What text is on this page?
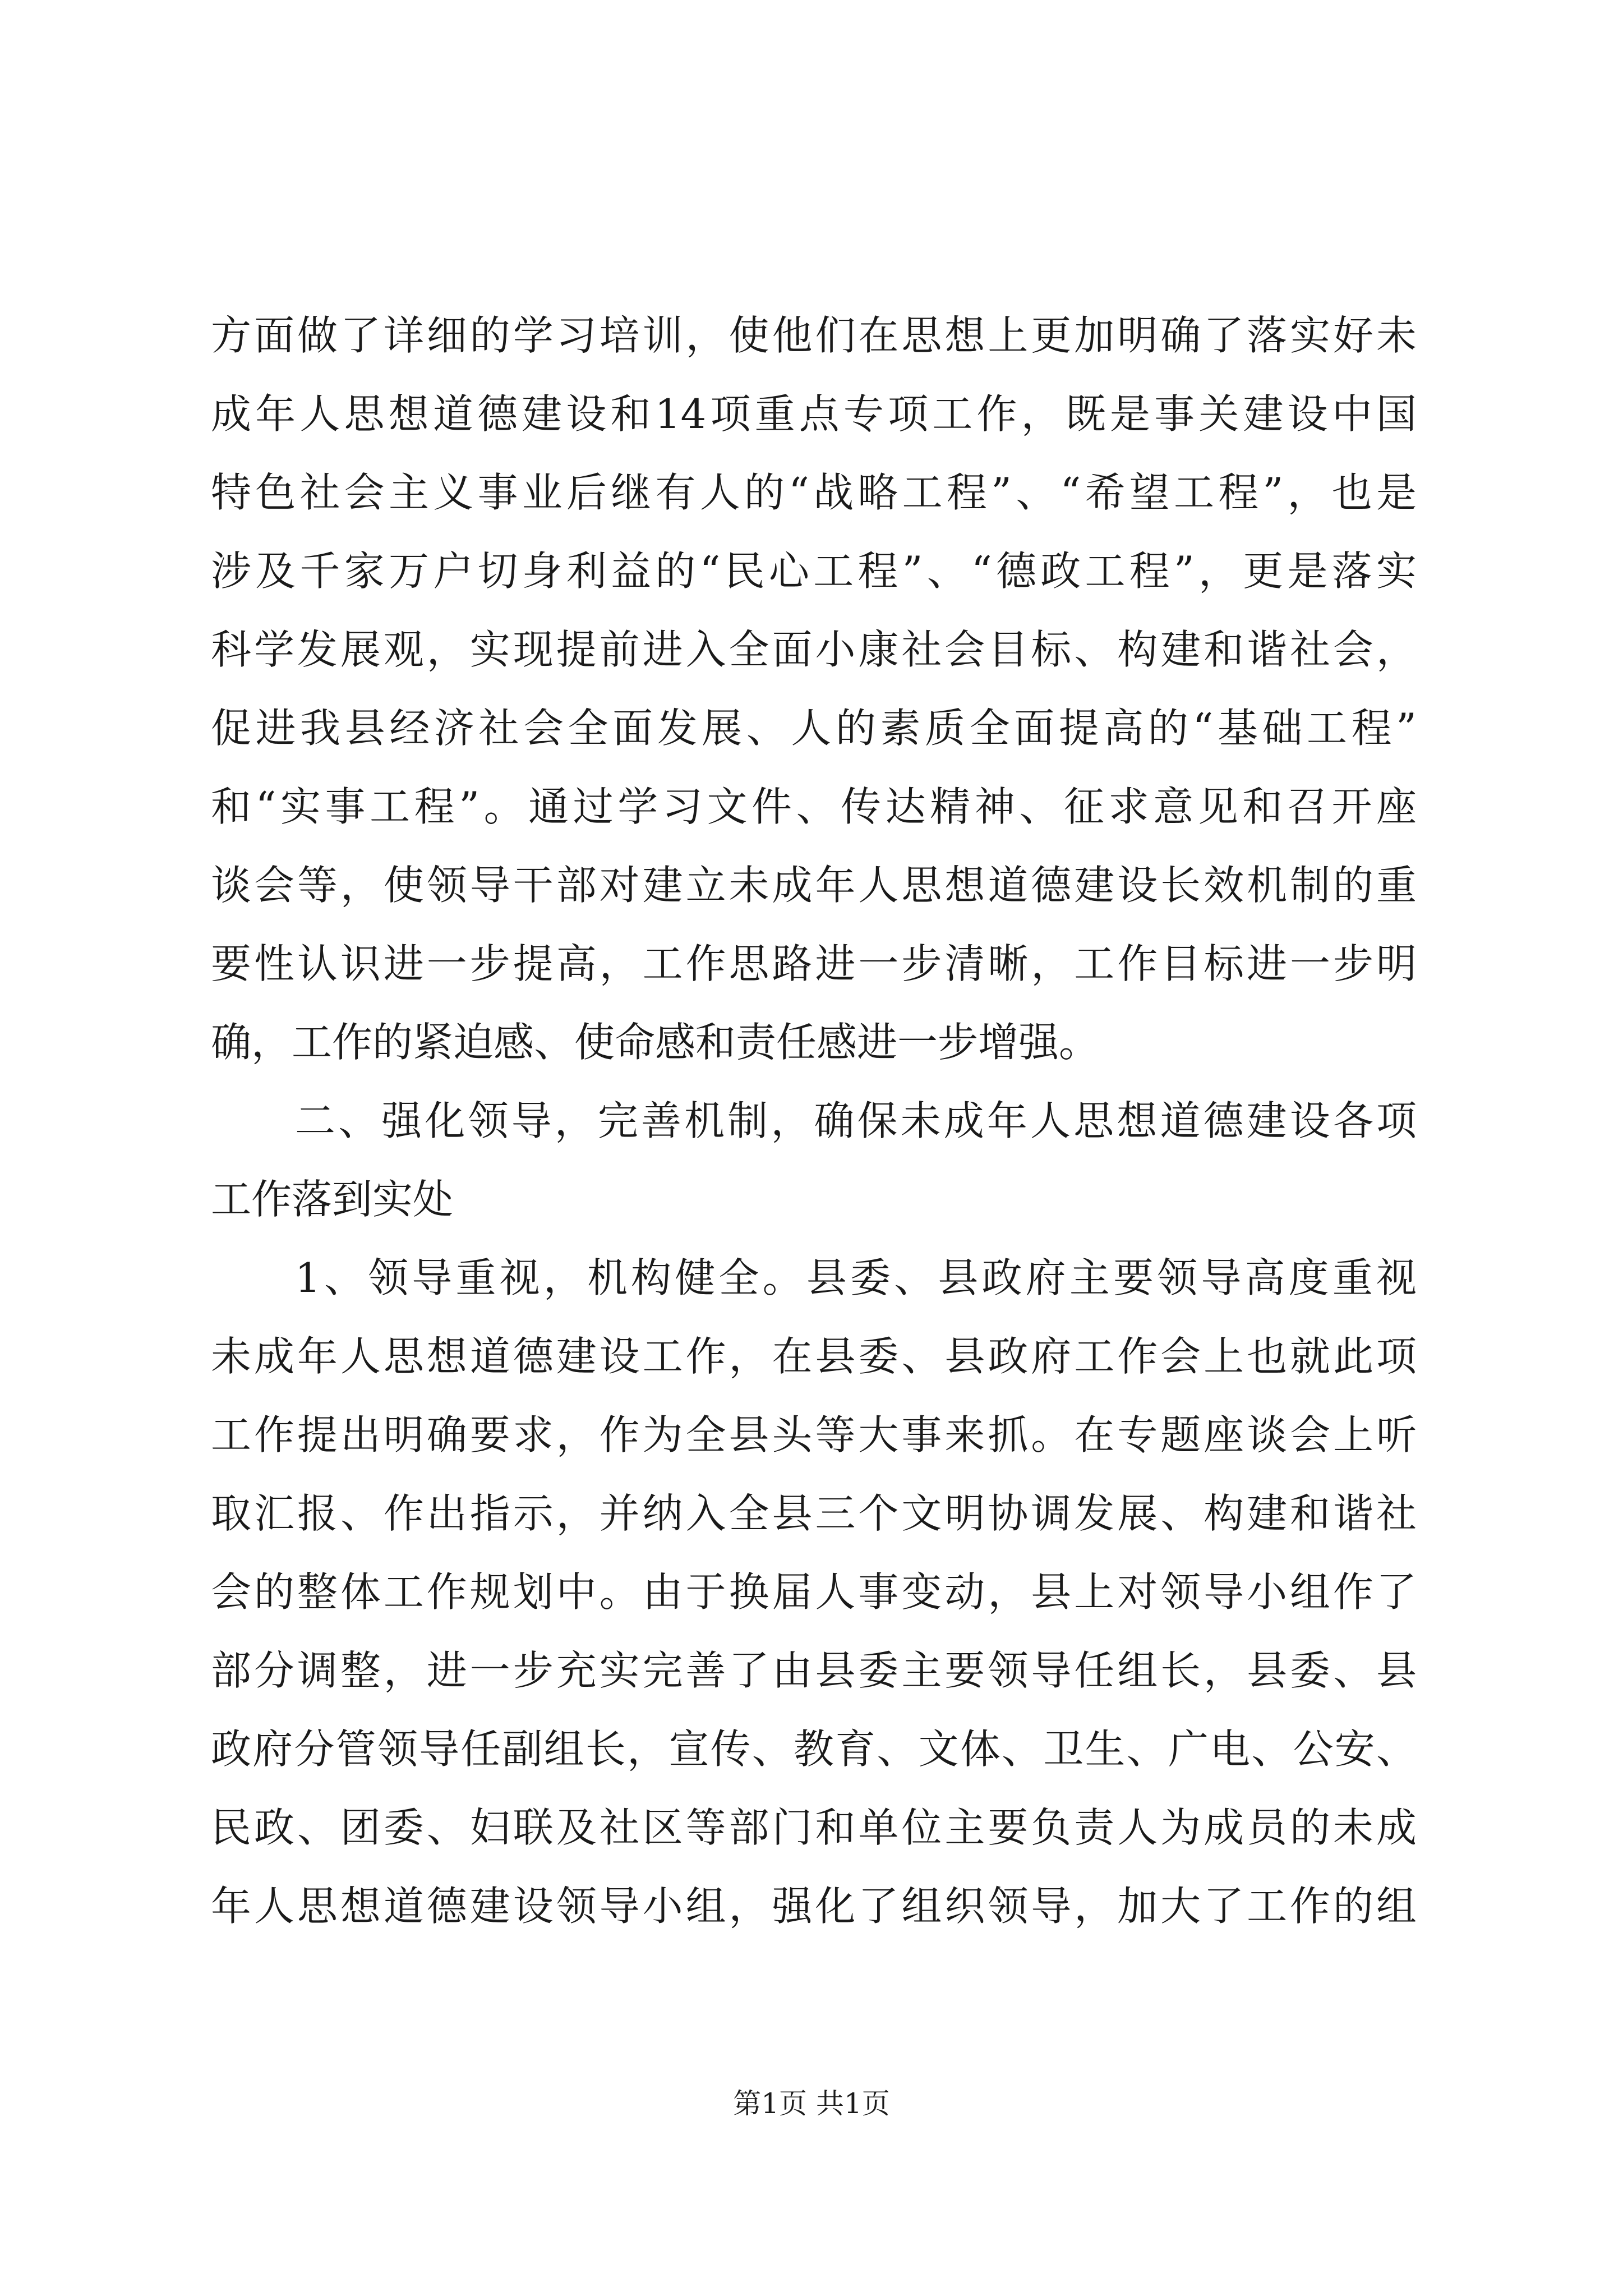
方面做了详细的学习培训，使他们在思想上更加明确了落实好未
成年人思想道德建设和14项重点专项工作，既是事关建设中国
特色社会主义事业后继有人的“战略工程”、“希望工程”，也是
涉及千家万户切身利益的“民心工程”、“德政工程”，更是落实
科学发展观，实现提前进入全面小康社会目标、构建和谐社会，
促进我县经济社会全面发展、人的素质全面提高的“基础工程”
和“实事工程”。通过学习文件、传达精神、征求意见和召开座
谈会等，使领导干部对建立未成年人思想道德建设长效机制的重
要性认识进一步提高，工作思路进一步清晰，工作目标进一步明
确，工作的紧迫感、使命感和责任感进一步增强。
二、强化领导，完善机制，确保未成年人思想道德建设各项
工作落到实处
1、领导重视，机构健全。县委、县政府主要领导高度重视
未成年人思想道德建设工作，在县委、县政府工作会上也就此项
工作提出明确要求，作为全县头等大事来抓。在专题座谈会上听
取汇报、作出指示，并纳入全县三个文明协调发展、构建和谐社
会的整体工作规划中。由于换届人事变动，县上对领导小组作了
部分调整，进一步充实完善了由县委主要领导任组长，县委、县
政府分管领导任副组长，宣传、教育、文体、卫生、广电、公安、
民政、团委、妇联及社区等部门和单位主要负责人为成员的未成
年人思想道德建设领导小组，强化了组织领导，加大了工作的组
第1页 共1页
